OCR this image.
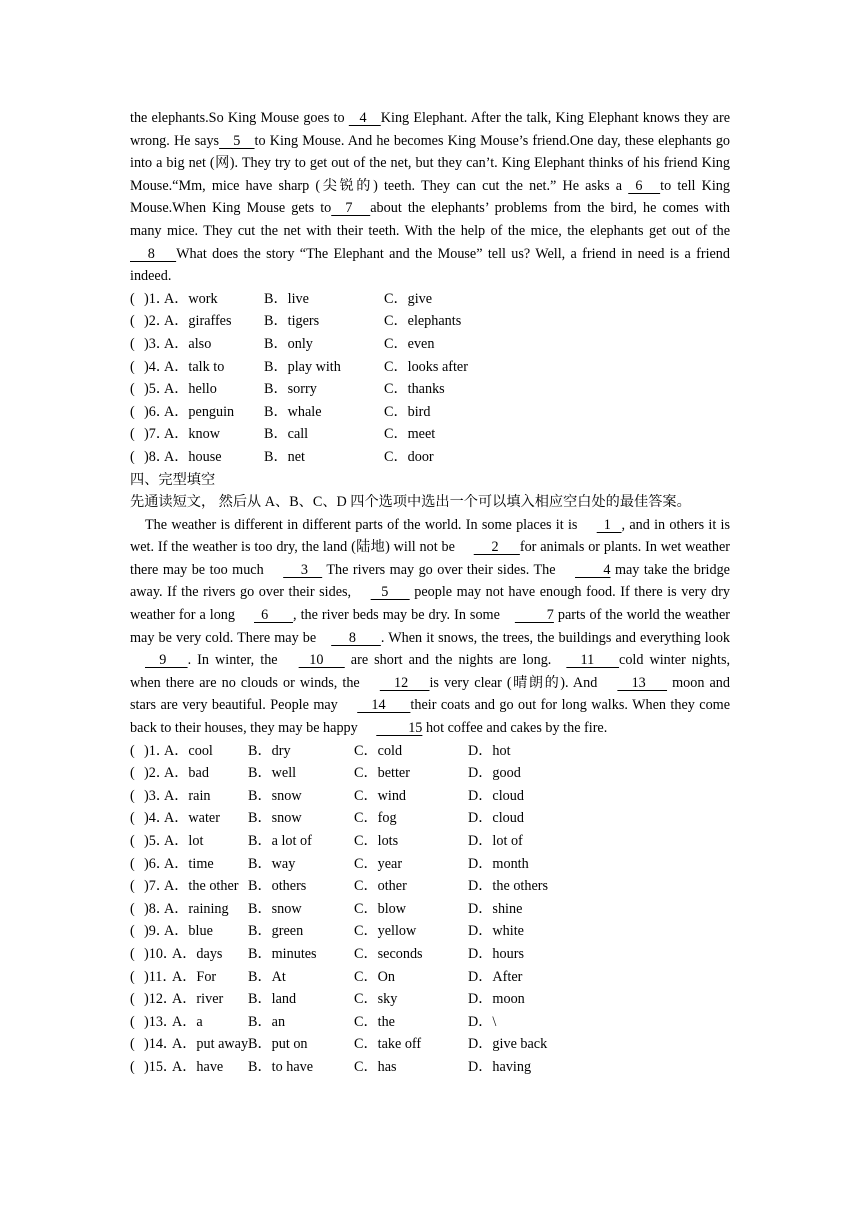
the elephants.So King Mouse goes to    4    King Elephant. After the talk, King Elephant knows they are wrong. He says    5    to King Mouse. And he becomes King Mouse’s friend.One day, these elephants go into a big net (网). They try to get out of the net, but they can’t. King Elephant thinks of his friend King Mouse.“Mm, mice have sharp (尖锐的) teeth. They can cut the net.” He asks a   6     to tell King Mouse.When King Mouse gets to    7     about the elephants’ problems from the bird, he comes with many mice. They cut the net with their teeth. With the help of the mice, the elephants get out of the     8      What does the story “The Elephant and the Mouse” tell us? Well, a friend in need is a friend indeed.

( )1．
A．work	B．live	C．give
( )2．
A．giraffes	B．tigers	C．elephants
( )3．
A．also	B．only	C．even
( )4．
A．talk to	B．play with	C．looks after
( )5．
A．hello	B．sorry	C．thanks
( )6．
A．penguin	B．whale	C．bird
( )7．
A．know	B．call	C．meet
( )8．
A．house	B．net	C．door

四、完型填空

先通读短文， 然后从 A、B、C、D 四个选项中选出一个可以填入相应空白处的最佳答案。

The weather is different in different parts of the world. In some places it is   1   , and in others it is wet. If the weather is too dry, the land (陆地) will not be      2      for animals or plants. In wet weather there may be too much      3     The rivers may go over their sides. The         4 may take the bridge away. If the rivers go over their sides,    5       people may not have enough food. If there is very dry weather for a long   6       , the river beds may be dry. In some         7 parts of the world the weather may be very cold. There may be     8       . When it snows, the trees, the buildings and everything look    9      . In winter, the    10       are short and the nights are long.    11       cold winter nights, when there are no clouds or winds, the     12      is very clear (晴朗的). And     13       moon and stars are very beautiful. People may     14       their coats and go out for long walks. When they come back to their houses, they may be happy          15 hot coffee and cakes by the fire.

( )1．
A．cool	B．dry	C．cold	D．hot
( )2．
A．bad	B．well	C．better	D．good
( )3．
A．rain	B．snow	C．wind	D．cloud
( )4．
A．water	B．snow	C．fog	D．cloud
( )5．
A．lot	B．a lot of	C．lots	D．lot of
( )6．
A．time	B．way	C．year	D．month
( )7．
A．the other B．others	C．other	D．the others
( )8．
A．raining	B．snow	C．blow	D．shine
( )9．
A．blue	B．green	C．yellow	D．white
( )10．
A．days	B．minutes	C．seconds	D．hours
( )11．
A．For	B．At	C．On	D．After
( )12．
A．river	B．land	C．sky	D．moon
( )13．
A．a	B．an	C．the	D．\
( )14．
A．put away B．put on	C．take off	D．give back
( )15．
A．have	B．to have	C．has	D．having
